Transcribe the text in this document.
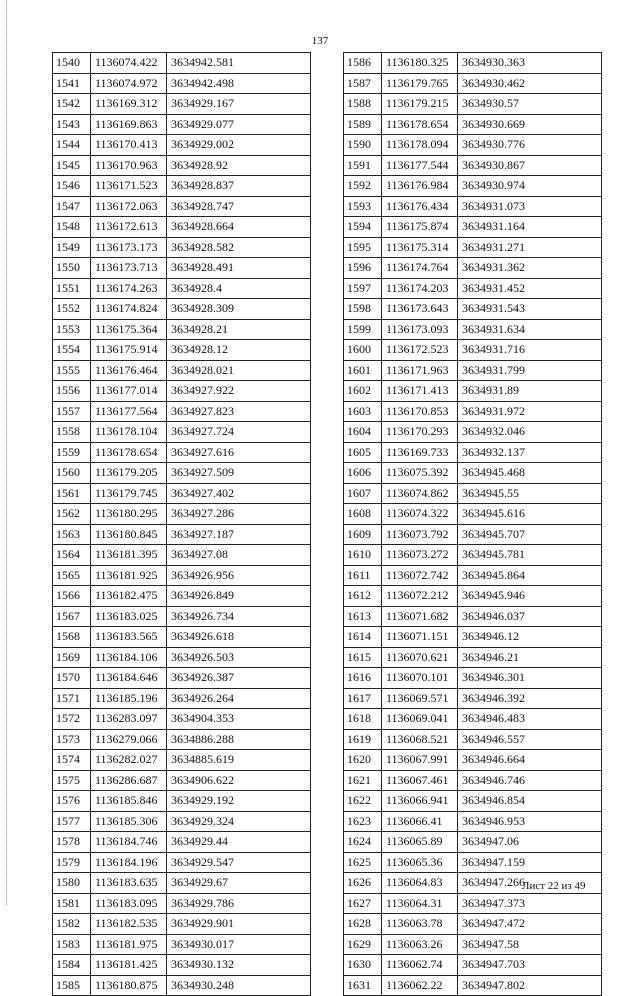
137
1540	1136074.422	3634942.581
1541	1136074.972	3634942.498
1542	1136169.312	3634929.167
1543	1136169.863	3634929.077
1544	1136170.413	3634929.002
1545	1136170.963	3634928.92
1546	1136171.523	3634928.837
1547	1136172.063	3634928.747
1548	1136172.613	3634928.664
1549	1136173.173	3634928.582
1550	1136173.713	3634928.491
1551	1136174.263	3634928.4
1552	1136174.824	3634928.309
1553	1136175.364	3634928.21
1554	1136175.914	3634928.12
1555	1136176.464	3634928.021
1556	1136177.014	3634927.922
1557	1136177.564	3634927.823
1558	1136178.104	3634927.724
1559	1136178.654	3634927.616
1560	1136179.205	3634927.509
1561	1136179.745	3634927.402
1562	1136180.295	3634927.286
1563	1136180.845	3634927.187
1564	1136181.395	3634927.08
1565	1136181.925	3634926.956
1566	1136182.475	3634926.849
1567	1136183.025	3634926.734
1568	1136183.565	3634926.618
1569	1136184.106	3634926.503
1570	1136184.646	3634926.387
1571	1136185.196	3634926.264
1572	1136283.097	3634904.353
1573	1136279.066	3634886.288
1574	1136282.027	3634885.619
1575	1136286.687	3634906.622
1576	1136185.846	3634929.192
1577	1136185.306	3634929.324
1578	1136184.746	3634929.44
1579	1136184.196	3634929.547
1580	1136183.635	3634929.67
1581	1136183.095	3634929.786
1582	1136182.535	3634929.901
1583	1136181.975	3634930.017
1584	1136181.425	3634930.132
1585	1136180.875	3634930.248
1586	1136180.325	3634930.363
1587	1136179.765	3634930.462
1588	1136179.215	3634930.57
1589	1136178.654	3634930.669
1590	1136178.094	3634930.776
1591	1136177.544	3634930.867
1592	1136176.984	3634930.974
1593	1136176.434	3634931.073
1594	1136175.874	3634931.164
1595	1136175.314	3634931.271
1596	1136174.764	3634931.362
1597	1136174.203	3634931.452
1598	1136173.643	3634931.543
1599	1136173.093	3634931.634
1600	1136172.523	3634931.716
1601	1136171.963	3634931.799
1602	1136171.413	3634931.89
1603	1136170.853	3634931.972
1604	1136170.293	3634932.046
1605	1136169.733	3634932.137
1606	1136075.392	3634945.468
1607	1136074.862	3634945.55
1608	1136074.322	3634945.616
1609	1136073.792	3634945.707
1610	1136073.272	3634945.781
1611	1136072.742	3634945.864
1612	1136072.212	3634945.946
1613	1136071.682	3634946.037
1614	1136071.151	3634946.12
1615	1136070.621	3634946.21
1616	1136070.101	3634946.301
1617	1136069.571	3634946.392
1618	1136069.041	3634946.483
1619	1136068.521	3634946.557
1620	1136067.991	3634946.664
1621	1136067.461	3634946.746
1622	1136066.941	3634946.854
1623	1136066.41	3634946.953
1624	1136065.89	3634947.06
1625	1136065.36	3634947.159
1626	1136064.83	3634947.266
1627	1136064.31	3634947.373
1628	1136063.78	3634947.472
1629	1136063.26	3634947.58
1630	1136062.74	3634947.703
1631	1136062.22	3634947.802
Лист 22 из 49
